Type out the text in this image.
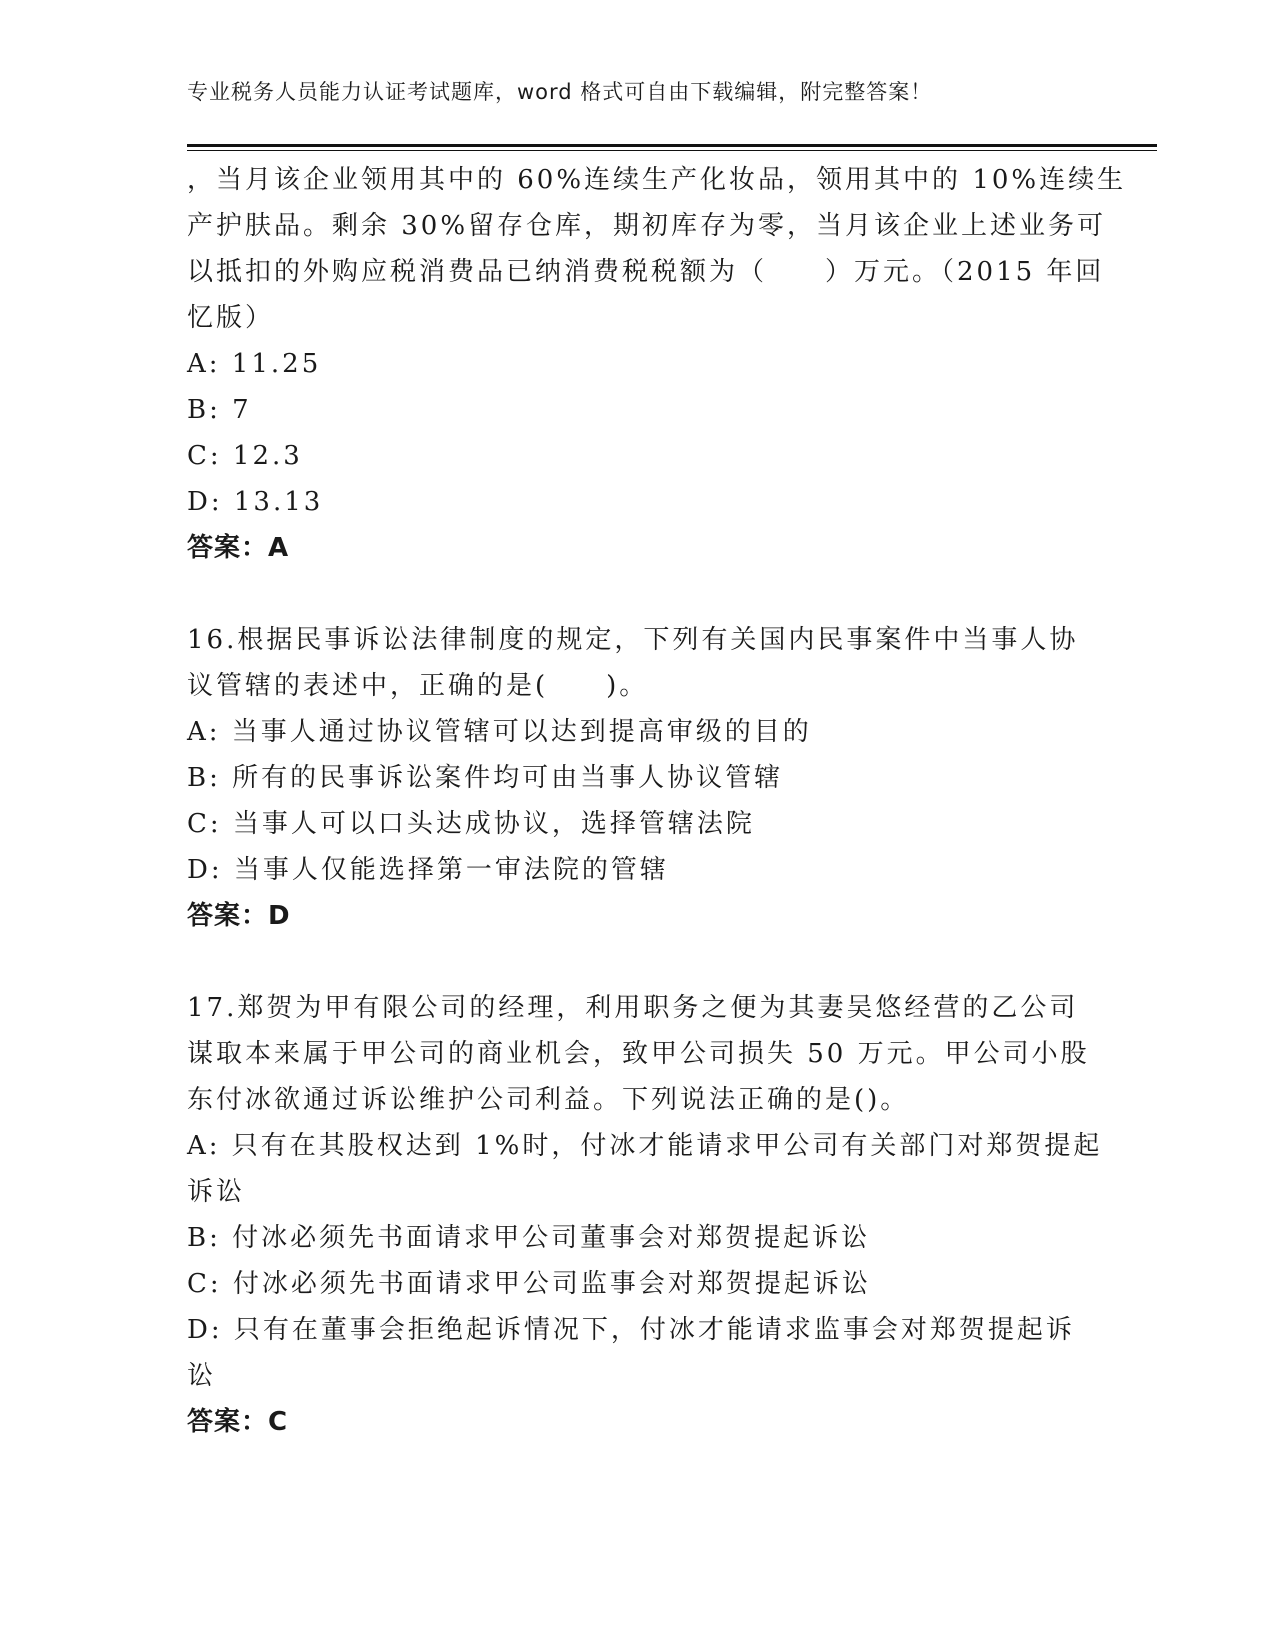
专业税务人员能力认证考试题库，word 格式可自由下载编辑，附完整答案！
，当月该企业领用其中的 60%连续生产化妆品，领用其中的 10%连续生
产护肤品。剩余 30%留存仓库，期初库存为零，当月该企业上述业务可
以抵扣的外购应税消费品已纳消费税税额为（　　）万元。（2015 年回
忆版）
A: 11.25
B: 7
C: 12.3
D: 13.13
答案：A
16.根据民事诉讼法律制度的规定，下列有关国内民事案件中当事人协
议管辖的表述中，正确的是(　　)。
A: 当事人通过协议管辖可以达到提高审级的目的
B: 所有的民事诉讼案件均可由当事人协议管辖
C: 当事人可以口头达成协议，选择管辖法院
D: 当事人仅能选择第一审法院的管辖
答案：D
17.郑贺为甲有限公司的经理，利用职务之便为其妻吴悠经营的乙公司
谋取本来属于甲公司的商业机会，致甲公司损失 50 万元。甲公司小股
东付冰欲通过诉讼维护公司利益。下列说法正确的是()。
A: 只有在其股权达到 1%时，付冰才能请求甲公司有关部门对郑贺提起
诉讼
B: 付冰必须先书面请求甲公司董事会对郑贺提起诉讼
C: 付冰必须先书面请求甲公司监事会对郑贺提起诉讼
D: 只有在董事会拒绝起诉情况下，付冰才能请求监事会对郑贺提起诉
讼
答案：C
